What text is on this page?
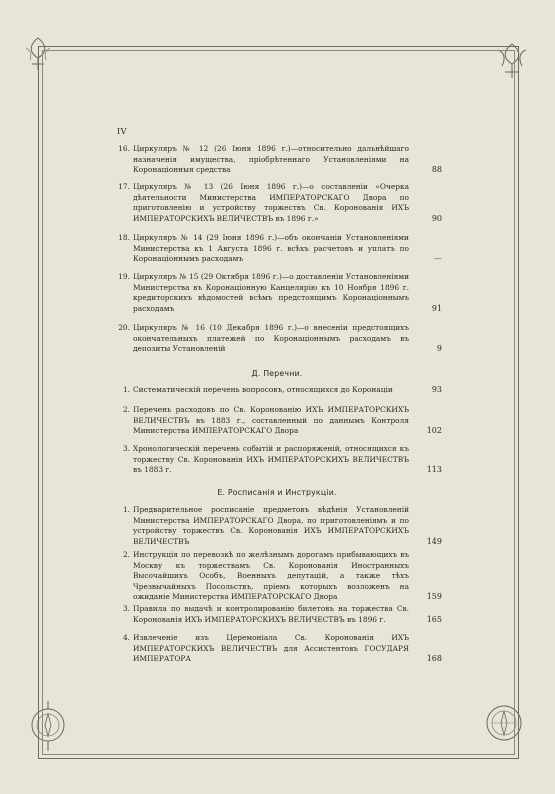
IV
16. Циркуляръ № 12 (26 Іюня 1896 г.)—относительно дальнѣйшаго назначенія имущества, пріобрѣтеннаго Установленіями на Коронаціонныя средства	88
17. Циркуляръ № 13 (26 Іюня 1896 г.)—о составленіи «Очерка дѣятельности Министерства ИМПЕРАТОРСКАГО Двора по приготовленію и устройству торжествъ Св. Коронованія ИХЪ ИМПЕРАТОРСКИХЪ ВЕЛИЧЕСТВЪ въ 1896 г.»	90
18. Циркуляръ № 14 (29 Іюня 1896 г.)—объ окончаніи Установленіями Министерства къ 1 Августа 1896 г. всѣхъ расчетовъ и уплатъ по Коронаціоннымъ расходамъ	—
19. Циркуляръ № 15 (29 Октября 1896 г.)—о доставленіи Установленіями Министерства въ Коронаціонную Канцелярію къ 10 Ноября 1896 г. кредиторскихъ вѣдомостей всѣмъ предстоящимъ Коронаціоннымъ расходамъ	91
20. Циркуляръ № 16 (10 Декабря 1896 г.)—о внесеніи предстоящихъ окончательныхъ платежей по Коронаціоннымъ расходамъ въ депозиты Установленій	9
Д. Перечни.
1. Систематическій перечень вопросовъ, относящихся до Коронаціи	93
2. Перечень расходовъ по Св. Коронованію ИХЪ ИМПЕРАТОРСКИХЪ ВЕЛИЧЕСТВЪ въ 1883 г., составленный по даннымъ Контроля Министерства ИМПЕРАТОРСКАГО Двора	102
3. Хронологическій перечень событій и распоряженій, относящихся къ торжеству Св. Коронованія ИХЪ ИМПЕРАТОРСКИХЪ ВЕЛИЧЕСТВЪ въ 1883 г.	113
Е. Росписанія и Инструкціи.
1. Предварительное росписаніе предметовъ вѣдѣнія Установленій Министерства ИМПЕРАТОРСКАГО Двора, по приготовленіямъ и по устройству торжествъ Св. Коронованія ИХЪ ИМПЕРАТОРСКИХЪ ВЕЛИЧЕСТВЪ	149
2. Инструкція по перевозкѣ по желѣзнымъ дорогамъ прибывающихъ въ Москву къ торжествамъ Св. Коронованія Иностранныхъ Высочайшихъ Особъ, Военныхъ депутацій, а также тѣхъ Чрезвычайныхъ Посольствъ, пріемъ которыхъ возложенъ на ожиданіе Министерства ИМПЕРАТОРСКАГО Двора	159
3. Правила по выдачѣ и контролированію билетовъ на торжества Св. Коронованія ИХЪ ИМПЕРАТОРСКИХЪ ВЕЛИЧЕСТВЪ въ 1896 г.	165
4. Извлеченіе изъ Церемоніала Св. Коронованія ИХЪ ИМПЕРАТОРСКИХЪ ВЕЛИЧЕСТВЪ для Ассистентовъ ГОСУДАРЯ ИМПЕРАТОРА	168
